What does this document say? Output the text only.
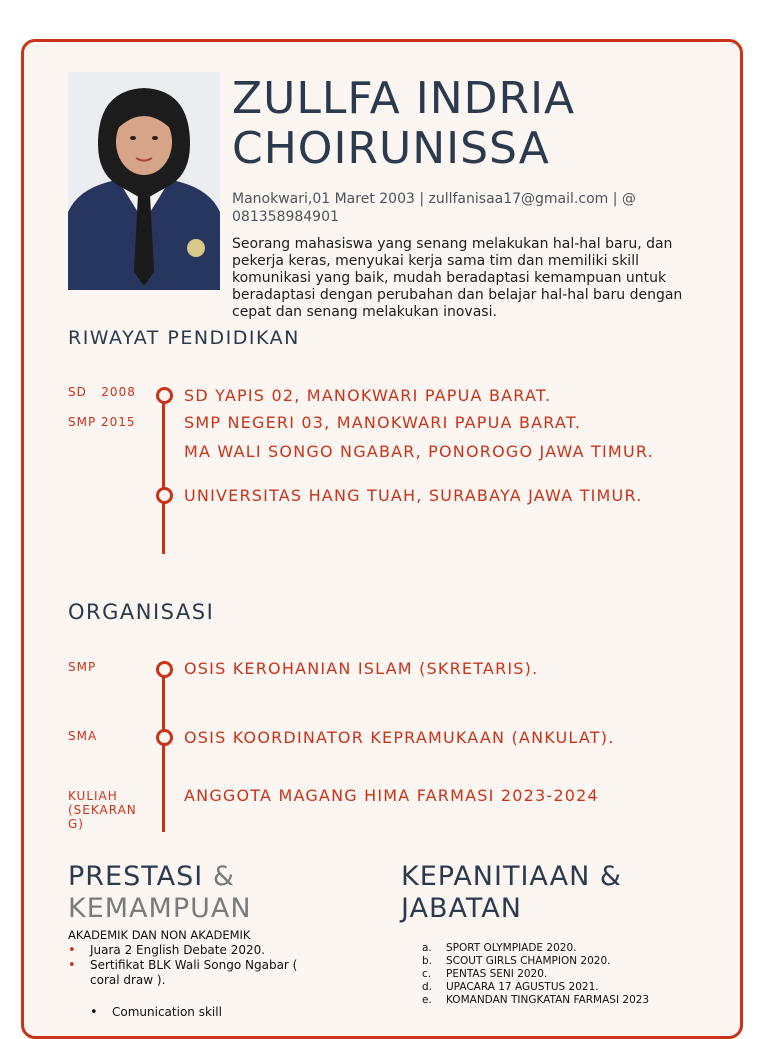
ZULLFA INDRIA
CHOIRUNISSA
Manokwari,01 Maret 2003 | zullfanisaa17@gmail.com | @ 081358984901
Seorang mahasiswa yang senang melakukan hal-hal baru, dan pekerja keras, menyukai kerja sama tim dan memiliki skill komunikasi yang baik, mudah beradaptasi kemampuan untuk beradaptasi dengan perubahan dan belajar hal-hal baru dengan cepat dan senang melakukan inovasi.
RIWAYAT PENDIDIKAN
SD   2008
SMP 2015
SD YAPIS 02, MANOKWARI PAPUA BARAT.
SMP NEGERI 03, MANOKWARI PAPUA BARAT.
MA WALI SONGO NGABAR, PONOROGO JAWA TIMUR.
UNIVERSITAS HANG TUAH, SURABAYA JAWA TIMUR.
ORGANISASI
SMP
SMA
KULIAH (SEKARAN G)
OSIS KEROHANIAN ISLAM (SKRETARIS).
OSIS KOORDINATOR KEPRAMUKAAN (ANKULAT).
ANGGOTA MAGANG HIMA FARMASI 2023-2024
PRESTASI &
KEMAMPUAN
AKADEMIK DAN NON AKADEMIK
• Juara 2 English Debate 2020.
• Sertifikat BLK Wali Songo Ngabar ( coral draw ).
• Comunication skill
KEPANITIAAN &
JABATAN
a. SPORT OLYMPIADE 2020.
b. SCOUT GIRLS CHAMPION 2020.
c. PENTAS SENI 2020.
d. UPACARA 17 AGUSTUS 2021.
e. KOMANDAN TINGKATAN FARMASI 2023
